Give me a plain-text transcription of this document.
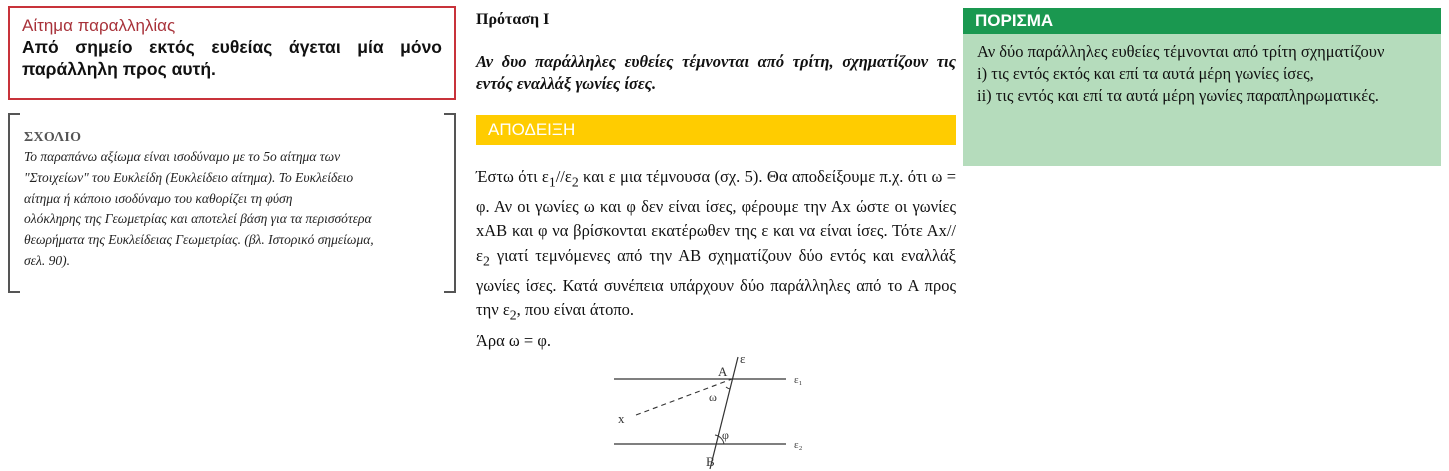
Αίτημα παραλληλίας
Από σημείο εκτός ευθείας άγεται μία μόνο παράλληλη προς αυτή.
ΣΧΟΛΙΟ
Το παραπάνω αξίωμα είναι ισοδύναμο με το 5ο αίτημα των
"Στοιχείων" του Ευκλείδη (Ευκλείδειο αίτημα). Το Ευκλείδειο
αίτημα ή κάποιο ισοδύναμο του καθορίζει τη φύση
ολόκληρης της Γεωμετρίας και αποτελεί βάση για τα περισσότερα
θεωρήματα της Ευκλείδειας Γεωμετρίας. (βλ. Ιστορικό σημείωμα,
σελ. 90).
Πρόταση Ι
Αν δυο παράλληλες ευθείες τέμνονται από τρίτη, σχηματίζουν τις εντός εναλλάξ γωνίες ίσες.
ΑΠΟΔΕΙΞΗ
Έστω ότι $\varepsilon_1//\varepsilon_2$ και ε μια τέμνουσα (σχ. 5). Θα αποδείξουμε π.χ. ότι ω = φ. Αν οι γωνίες ω και φ δεν είναι ίσες, φέρουμε την Αx ώστε οι γωνίες xAB και φ να βρίσκονται εκατέρωθεν της ε και να είναι ίσες. Τότε $Ax//\varepsilon_2$ γιατί τεμνόμενες από την ΑΒ σχηματίζουν δύο εντός και εναλλάξ γωνίες ίσες. Κατά συνέπεια υπάρχουν δύο παράλληλες από το Α προς την $\varepsilon_2$, που είναι άτοπο.
Άρα ω = φ.
ε
Α
ω
x
φ
Β
ε₁
ε₂
ΠΟΡΙΣΜΑ

Αν δύο παράλληλες ευθείες τέμνονται από τρίτη σχηματίζουν

i) τις εντός εκτός και επί τα αυτά μέρη γωνίες ίσες,

ii) τις εντός και επί τα αυτά μέρη γωνίες παραπληρωματικές.
